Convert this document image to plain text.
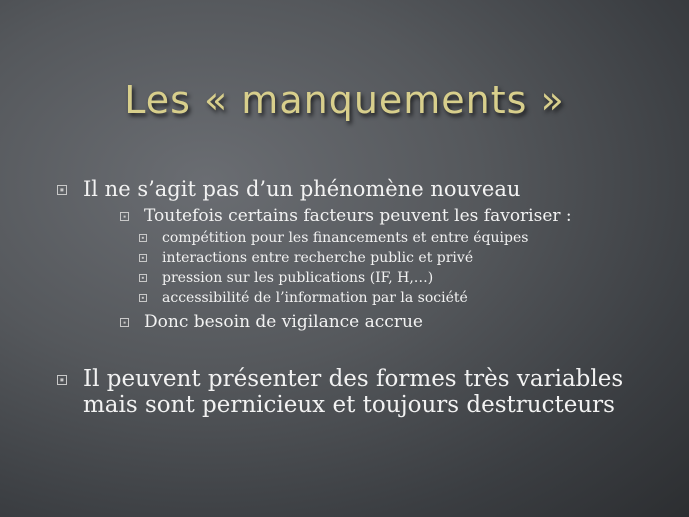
Les « manquements »
Il ne s’agit pas d’un phénomène nouveau
Toutefois certains facteurs peuvent les favoriser :
compétition pour les financements et entre équipes
interactions entre recherche public et privé
pression sur les publications (IF, H,…)
accessibilité de l’information par la société
Donc besoin de vigilance accrue
Il peuvent présenter des formes très variables
mais sont pernicieux et toujours destructeurs
